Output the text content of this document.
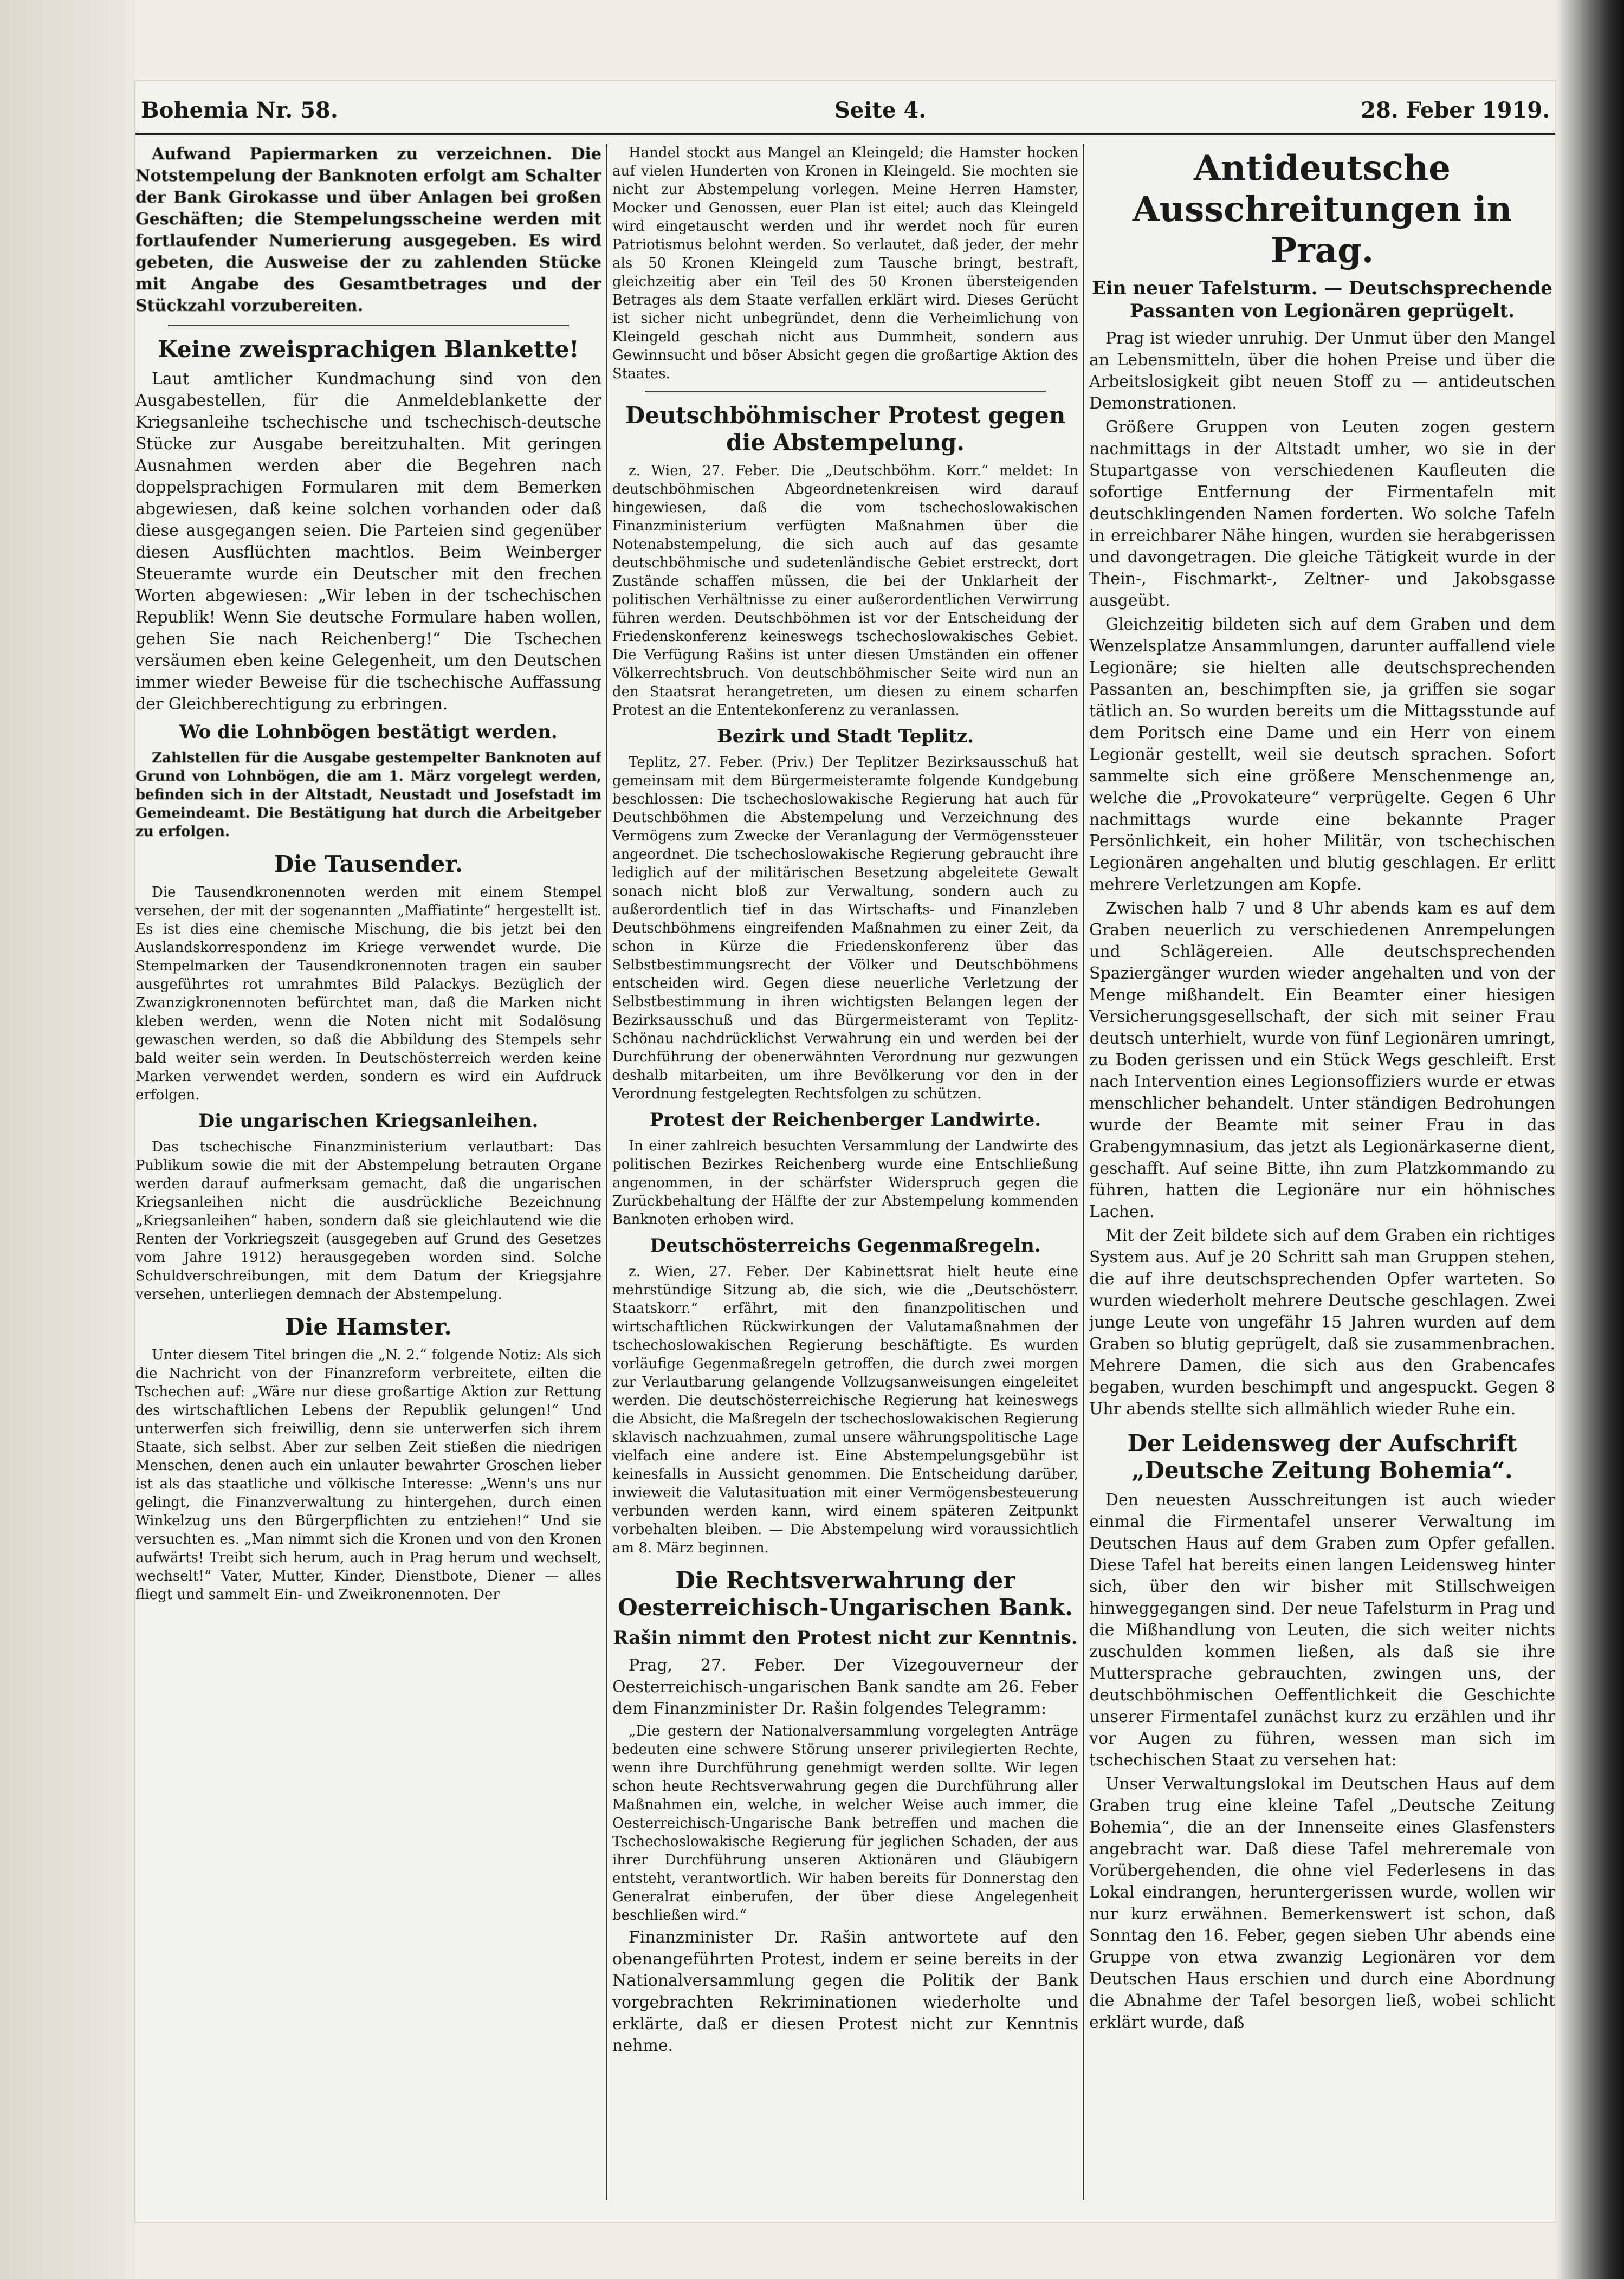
Bohemia Nr. 58.	Seite 4.	28. Feber 1919.

Aufwand Papiermarken zu verzeichnen. Die Notstempelung der Banknoten erfolgt am Schalter der Bank Girokasse und über Anlagen bei großen Geschäften; die Stempelungsscheine werden mit fortlaufender Numerierung ausgegeben. Es wird gebeten, die Ausweise der zu zahlenden Stücke mit Angabe des Gesamtbetrages und der Stückzahl vorzubereiten.

Keine zweisprachigen Blankette!

Laut amtlicher Kundmachung sind von den Ausgabestellen, für die Anmeldeblankette der Kriegsanleihe tschechische und tschechisch-deutsche Stücke zur Ausgabe bereitzuhalten. Mit geringen Ausnahmen werden aber die Begehren nach doppelsprachigen Formularen mit dem Bemerken abgewiesen, daß keine solchen vorhanden oder daß diese ausgegangen seien. Die Parteien sind gegenüber diesen Ausflüchten machtlos. Beim Weinberger Steueramte wurde ein Deutscher mit den frechen Worten abgewiesen: „Wir leben in der tschechischen Republik! Wenn Sie deutsche Formulare haben wollen, gehen Sie nach Reichenberg!“ Die Tschechen versäumen eben keine Gelegenheit, um den Deutschen immer wieder Beweise für die tschechische Auffassung der Gleichberechtigung zu erbringen.

Wo die Lohnbögen bestätigt werden.

Zahlstellen für die Ausgabe gestempelter Banknoten auf Grund von Lohnbögen, die am 1. März vorgelegt werden, befinden sich in der Altstadt, Neustadt und Josefstadt im Gemeindeamt. Die Bestätigung hat durch die Arbeitgeber zu erfolgen.

Die Tausender.

Die Tausendkronennoten werden mit einem Stempel versehen, der mit der sogenannten „Maffiatinte“ hergestellt ist. Es ist dies eine chemische Mischung, die bis jetzt bei den Auslandskorrespondenz im Kriege verwendet wurde. Die Stempelmarken der Tausendkronennoten tragen ein sauber ausgeführtes rot umrahmtes Bild Palackys. Bezüglich der Zwanzigkronennoten befürchtet man, daß die Marken nicht kleben werden, wenn die Noten nicht mit Sodalösung gewaschen werden, so daß die Abbildung des Stempels sehr bald weiter sein werden. In Deutschösterreich werden keine Marken verwendet werden, sondern es wird ein Aufdruck erfolgen.

Die ungarischen Kriegsanleihen.

Das tschechische Finanzministerium verlautbart: Das Publikum sowie die mit der Abstempelung betrauten Organe werden darauf aufmerksam gemacht, daß die ungarischen Kriegsanleihen nicht die ausdrückliche Bezeichnung „Kriegsanleihen“ haben, sondern daß sie gleichlautend wie die Renten der Vorkriegszeit (ausgegeben auf Grund des Gesetzes vom Jahre 1912) herausgegeben worden sind. Solche Schuldverschreibungen, mit dem Datum der Kriegsjahre versehen, unterliegen demnach der Abstempelung.

Die Hamster.

Unter diesem Titel bringen die „N. 2.“ folgende Notiz: Als sich die Nachricht von der Finanzreform verbreitete, eilten die Tschechen auf: „Wäre nur diese großartige Aktion zur Rettung des wirtschaftlichen Lebens der Republik gelungen!“ Und unterwerfen sich freiwillig, denn sie unterwerfen sich ihrem Staate, sich selbst. Aber zur selben Zeit stießen die niedrigen Menschen, denen auch ein unlauter bewahrter Groschen lieber ist als das staatliche und völkische Interesse: „Wenn's uns nur gelingt, die Finanzverwaltung zu hintergehen, durch einen Winkelzug uns den Bürgerpflichten zu entziehen!“ Und sie versuchten es. „Man nimmt sich die Kronen und von den Kronen aufwärts! Treibt sich herum, auch in Prag herum und wechselt, wechselt!“ Vater, Mutter, Kinder, Dienstbote, Diener — alles fliegt und sammelt Ein- und Zweikronennoten. Der

Handel stockt aus Mangel an Kleingeld; die Hamster hocken auf vielen Hunderten von Kronen in Kleingeld. Sie mochten sie nicht zur Abstempelung vorlegen. Meine Herren Hamster, Mocker und Genossen, euer Plan ist eitel; auch das Kleingeld wird eingetauscht werden und ihr werdet noch für euren Patriotismus belohnt werden. So verlautet, daß jeder, der mehr als 50 Kronen Kleingeld zum Tausche bringt, bestraft, gleichzeitig aber ein Teil des 50 Kronen übersteigenden Betrages als dem Staate verfallen erklärt wird. Dieses Gerücht ist sicher nicht unbegründet, denn die Verheimlichung von Kleingeld geschah nicht aus Dummheit, sondern aus Gewinnsucht und böser Absicht gegen die großartige Aktion des Staates.

Deutschböhmischer Protest gegen die Abstempelung.

z. Wien, 27. Feber. Die „Deutschböhm. Korr.“ meldet: In deutschböhmischen Abgeordnetenkreisen wird darauf hingewiesen, daß die vom tschechoslowakischen Finanzministerium verfügten Maßnahmen über die Notenabstempelung, die sich auch auf das gesamte deutschböhmische und sudetenländische Gebiet erstreckt, dort Zustände schaffen müssen, die bei der Unklarheit der politischen Verhältnisse zu einer außerordentlichen Verwirrung führen werden. Deutschböhmen ist vor der Entscheidung der Friedenskonferenz keineswegs tschechoslowakisches Gebiet. Die Verfügung Rašins ist unter diesen Umständen ein offener Völkerrechtsbruch. Von deutschböhmischer Seite wird nun an den Staatsrat herangetreten, um diesen zu einem scharfen Protest an die Ententekonferenz zu veranlassen.

Bezirk und Stadt Teplitz.

Teplitz, 27. Feber. (Priv.) Der Teplitzer Bezirksausschuß hat gemeinsam mit dem Bürgermeisteramte folgende Kundgebung beschlossen: Die tschechoslowakische Regierung hat auch für Deutschböhmen die Abstempelung und Verzeichnung des Vermögens zum Zwecke der Veranlagung der Vermögenssteuer angeordnet. Die tschechoslowakische Regierung gebraucht ihre lediglich auf der militärischen Besetzung abgeleitete Gewalt sonach nicht bloß zur Verwaltung, sondern auch zu außerordentlich tief in das Wirtschafts- und Finanzleben Deutschböhmens eingreifenden Maßnahmen zu einer Zeit, da schon in Kürze die Friedenskonferenz über das Selbstbestimmungsrecht der Völker und Deutschböhmens entscheiden wird. Gegen diese neuerliche Verletzung der Selbstbestimmung in ihren wichtigsten Belangen legen der Bezirksausschuß und das Bürgermeisteramt von Teplitz-Schönau nachdrücklichst Verwahrung ein und werden bei der Durchführung der obenerwähnten Verordnung nur gezwungen deshalb mitarbeiten, um ihre Bevölkerung vor den in der Verordnung festgelegten Rechtsfolgen zu schützen.

Protest der Reichenberger Landwirte.

In einer zahlreich besuchten Versammlung der Landwirte des politischen Bezirkes Reichenberg wurde eine Entschließung angenommen, in der schärfster Widerspruch gegen die Zurückbehaltung der Hälfte der zur Abstempelung kommenden Banknoten erhoben wird.

Deutschösterreichs Gegenmaßregeln.

z. Wien, 27. Feber. Der Kabinettsrat hielt heute eine mehrstündige Sitzung ab, die sich, wie die „Deutschösterr. Staatskorr.“ erfährt, mit den finanzpolitischen und wirtschaftlichen Rückwirkungen der Valutamaßnahmen der tschechoslowakischen Regierung beschäftigte. Es wurden vorläufige Gegenmaßregeln getroffen, die durch zwei morgen zur Verlautbarung gelangende Vollzugsanweisungen eingeleitet werden. Die deutschösterreichische Regierung hat keineswegs die Absicht, die Maßregeln der tschechoslowakischen Regierung sklavisch nachzuahmen, zumal unsere währungspolitische Lage vielfach eine andere ist. Eine Abstempelungsgebühr ist keinesfalls in Aussicht genommen. Die Entscheidung darüber, inwieweit die Valutasituation mit einer Vermögensbesteuerung verbunden werden kann, wird einem späteren Zeitpunkt vorbehalten bleiben. — Die Abstempelung wird voraussichtlich am 8. März beginnen.

Die Rechtsverwahrung der Oesterreichisch-Ungarischen Bank.
Rašin nimmt den Protest nicht zur Kenntnis.

Prag, 27. Feber. Der Vizegouverneur der Oesterreichisch-ungarischen Bank sandte am 26. Feber dem Finanzminister Dr. Rašin folgendes Telegramm:

„Die gestern der Nationalversammlung vorgelegten Anträge bedeuten eine schwere Störung unserer privilegierten Rechte, wenn ihre Durchführung genehmigt werden sollte. Wir legen schon heute Rechtsverwahrung gegen die Durchführung aller Maßnahmen ein, welche, in welcher Weise auch immer, die Oesterreichisch-Ungarische Bank betreffen und machen die Tschechoslowakische Regierung für jeglichen Schaden, der aus ihrer Durchführung unseren Aktionären und Gläubigern entsteht, verantwortlich. Wir haben bereits für Donnerstag den Generalrat einberufen, der über diese Angelegenheit beschließen wird.“

Finanzminister Dr. Rašin antwortete auf den obenangeführten Protest, indem er seine bereits in der Nationalversammlung gegen die Politik der Bank vorgebrachten Rekriminationen wiederholte und erklärte, daß er diesen Protest nicht zur Kenntnis nehme.

Antideutsche Ausschreitungen in Prag.
Ein neuer Tafelsturm. — Deutschsprechende Passanten von Legionären geprügelt.

Prag ist wieder unruhig. Der Unmut über den Mangel an Lebensmitteln, über die hohen Preise und über die Arbeitslosigkeit gibt neuen Stoff zu — antideutschen Demonstrationen.

Größere Gruppen von Leuten zogen gestern nachmittags in der Altstadt umher, wo sie in der Stupartgasse von verschiedenen Kaufleuten die sofortige Entfernung der Firmentafeln mit deutschklingenden Namen forderten. Wo solche Tafeln in erreichbarer Nähe hingen, wurden sie herabgerissen und davongetragen. Die gleiche Tätigkeit wurde in der Thein-, Fischmarkt-, Zeltner- und Jakobsgasse ausgeübt.

Gleichzeitig bildeten sich auf dem Graben und dem Wenzelsplatze Ansammlungen, darunter auffallend viele Legionäre; sie hielten alle deutschsprechenden Passanten an, beschimpften sie, ja griffen sie sogar tätlich an. So wurden bereits um die Mittagsstunde auf dem Poritsch eine Dame und ein Herr von einem Legionär gestellt, weil sie deutsch sprachen. Sofort sammelte sich eine größere Menschenmenge an, welche die „Provokateure“ verprügelte. Gegen 6 Uhr nachmittags wurde eine bekannte Prager Persönlichkeit, ein hoher Militär, von tschechischen Legionären angehalten und blutig geschlagen. Er erlitt mehrere Verletzungen am Kopfe.

Zwischen halb 7 und 8 Uhr abends kam es auf dem Graben neuerlich zu verschiedenen Anrempelungen und Schlägereien. Alle deutschsprechenden Spaziergänger wurden wieder angehalten und von der Menge mißhandelt. Ein Beamter einer hiesigen Versicherungsgesellschaft, der sich mit seiner Frau deutsch unterhielt, wurde von fünf Legionären umringt, zu Boden gerissen und ein Stück Wegs geschleift. Erst nach Intervention eines Legionsoffiziers wurde er etwas menschlicher behandelt. Unter ständigen Bedrohungen wurde der Beamte mit seiner Frau in das Grabengymnasium, das jetzt als Legionärkaserne dient, geschafft. Auf seine Bitte, ihn zum Platzkommando zu führen, hatten die Legionäre nur ein höhnisches Lachen.

Mit der Zeit bildete sich auf dem Graben ein richtiges System aus. Auf je 20 Schritt sah man Gruppen stehen, die auf ihre deutschsprechenden Opfer warteten. So wurden wiederholt mehrere Deutsche geschlagen. Zwei junge Leute von ungefähr 15 Jahren wurden auf dem Graben so blutig geprügelt, daß sie zusammenbrachen. Mehrere Damen, die sich aus den Grabencafes begaben, wurden beschimpft und angespuckt. Gegen 8 Uhr abends stellte sich allmählich wieder Ruhe ein.

Der Leidensweg der Aufschrift „Deutsche Zeitung Bohemia“.

Den neuesten Ausschreitungen ist auch wieder einmal die Firmentafel unserer Verwaltung im Deutschen Haus auf dem Graben zum Opfer gefallen. Diese Tafel hat bereits einen langen Leidensweg hinter sich, über den wir bisher mit Stillschweigen hinweggegangen sind. Der neue Tafelsturm in Prag und die Mißhandlung von Leuten, die sich weiter nichts zuschulden kommen ließen, als daß sie ihre Muttersprache gebrauchten, zwingen uns, der deutschböhmischen Oeffentlichkeit die Geschichte unserer Firmentafel zunächst kurz zu erzählen und ihr vor Augen zu führen, wessen man sich im tschechischen Staat zu versehen hat:

Unser Verwaltungslokal im Deutschen Haus auf dem Graben trug eine kleine Tafel „Deutsche Zeitung Bohemia“, die an der Innenseite eines Glasfensters angebracht war. Daß diese Tafel mehreremale von Vorübergehenden, die ohne viel Federlesens in das Lokal eindrangen, heruntergerissen wurde, wollen wir nur kurz erwähnen. Bemerkenswert ist schon, daß Sonntag den 16. Feber, gegen sieben Uhr abends eine Gruppe von etwa zwanzig Legionären vor dem Deutschen Haus erschien und durch eine Abordnung die Abnahme der Tafel besorgen ließ, wobei schlicht erklärt wurde, daß
